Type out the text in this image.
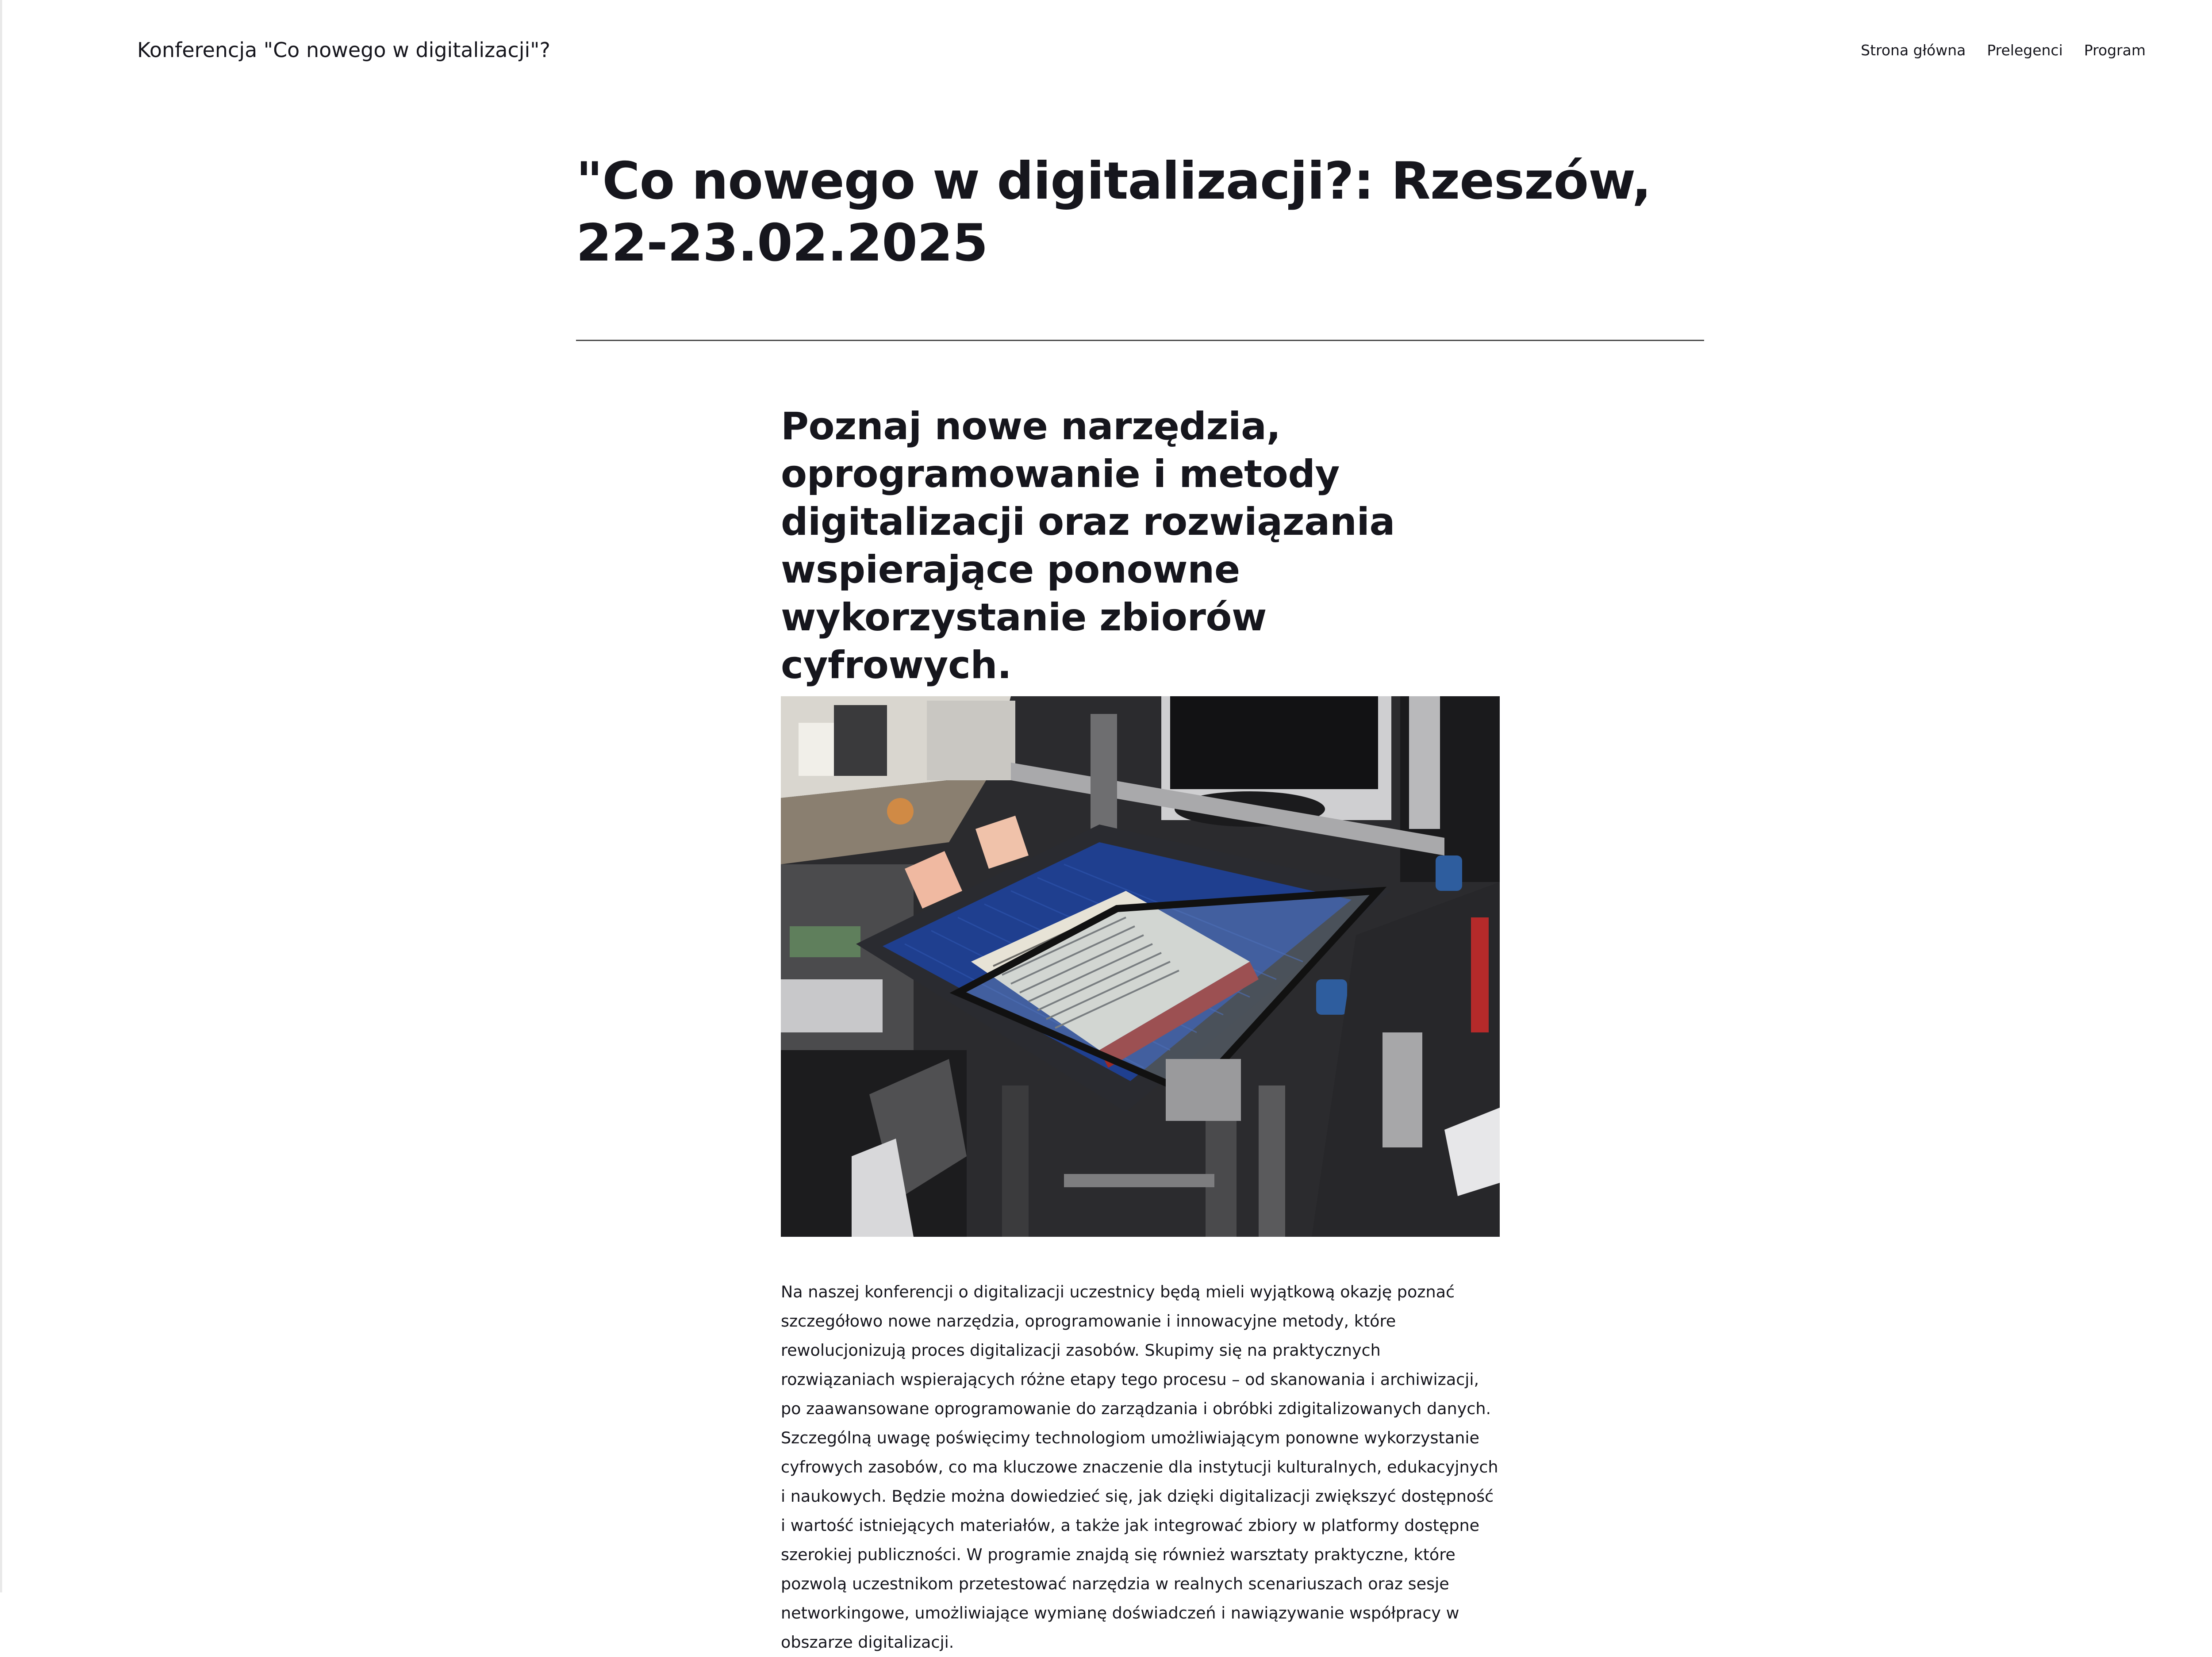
Konferencja "Co nowego w digitalizacji"?	Strona główna Prelegenci Program
"Co nowego w digitalizacji?: Rzeszów, 22-23.02.2025
Poznaj nowe narzędzia, oprogramowanie i metody digitalizacji oraz rozwiązania wspierające ponowne wykorzystanie zbiorów cyfrowych.

Na naszej konferencji o digitalizacji uczestnicy będą mieli wyjątkową okazję poznać szczegółowo nowe narzędzia, oprogramowanie i innowacyjne metody, które rewolucjonizują proces digitalizacji zasobów. Skupimy się na praktycznych rozwiązaniach wspierających różne etapy tego procesu – od skanowania i archiwizacji, po zaawansowane oprogramowanie do zarządzania i obróbki zdigitalizowanych danych. Szczególną uwagę poświęcimy technologiom umożliwiającym ponowne wykorzystanie cyfrowych zasobów, co ma kluczowe znaczenie dla instytucji kulturalnych, edukacyjnych i naukowych. Będzie można dowiedzieć się, jak dzięki digitalizacji zwiększyć dostępność i wartość istniejących materiałów, a także jak integrować zbiory w platformy dostępne szerokiej publiczności. W programie znajdą się również warsztaty praktyczne, które pozwolą uczestnikom przetestować narzędzia w realnych scenariuszach oraz sesje networkingowe, umożliwiające wymianę doświadczeń i nawiązywanie współpracy w obszarze digitalizacji.
